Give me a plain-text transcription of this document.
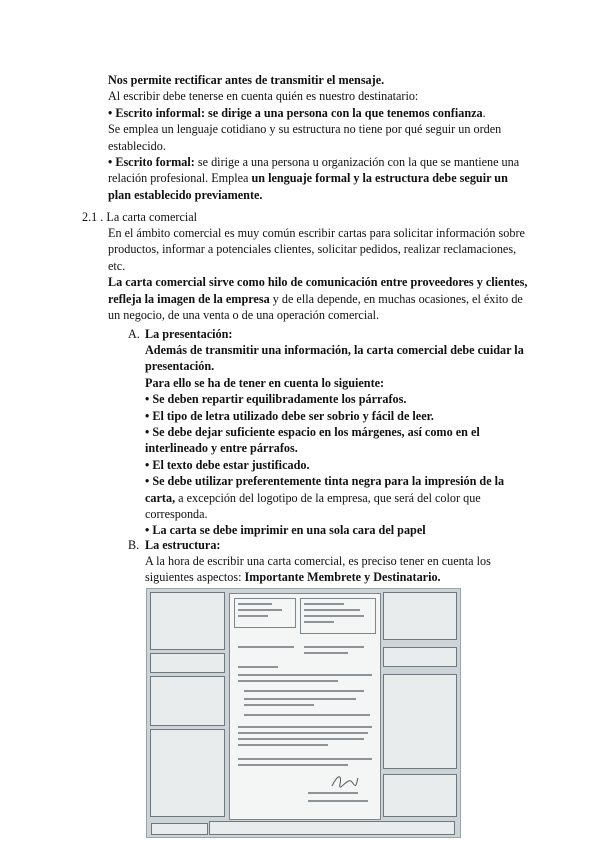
Nos permite rectificar antes de transmitir el mensaje.

Al escribir debe tenerse en cuenta quién es nuestro destinatario:

• Escrito informal: se dirige a una persona con la que tenemos confianza.

Se emplea un lenguaje cotidiano y su estructura no tiene por qué seguir un orden establecido.

• Escrito formal: se dirige a una persona u organización con la que se mantiene una relación profesional. Emplea un lenguaje formal y la estructura debe seguir un plan establecido previamente.

2.1 . La carta comercial

En el ámbito comercial es muy común escribir cartas para solicitar información sobre productos, informar a potenciales clientes, solicitar pedidos, realizar reclamaciones, etc.

La carta comercial sirve como hilo de comunicación entre proveedores y clientes, refleja la imagen de la empresa y de ella depende, en muchas ocasiones, el éxito de un negocio, de una venta o de una operación comercial.

A. La presentación:

Además de transmitir una información, la carta comercial debe cuidar la presentación.

Para ello se ha de tener en cuenta lo siguiente:

• Se deben repartir equilibradamente los párrafos.

• El tipo de letra utilizado debe ser sobrio y fácil de leer.

• Se debe dejar suficiente espacio en los márgenes, así como en el interlineado y entre párrafos.

• El texto debe estar justificado.

• Se debe utilizar preferentemente tinta negra para la impresión de la carta, a excepción del logotipo de la empresa, que será del color que corresponda.

• La carta se debe imprimir en una sola cara del papel

B. La estructura:

A la hora de escribir una carta comercial, es preciso tener en cuenta los siguientes aspectos: Importante Membrete y Destinatario.
